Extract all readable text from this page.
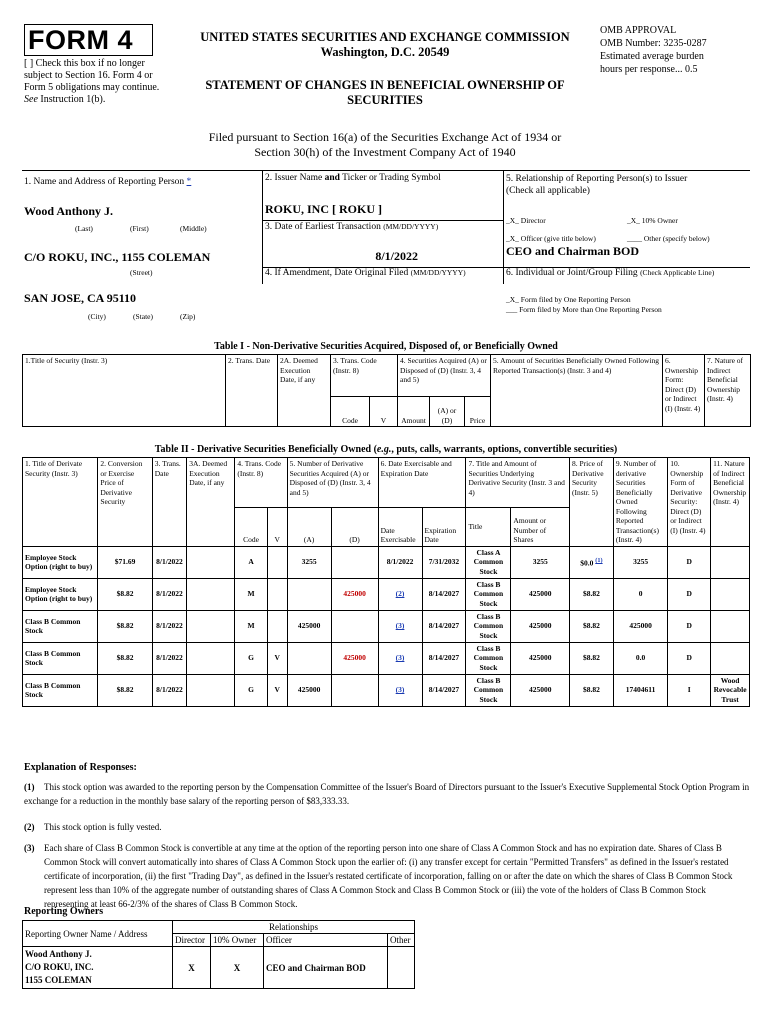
FORM 4
[ ] Check this box if no longer subject to Section 16. Form 4 or Form 5 obligations may continue. See Instruction 1(b).
UNITED STATES SECURITIES AND EXCHANGE COMMISSION
Washington, D.C. 20549
STATEMENT OF CHANGES IN BENEFICIAL OWNERSHIP OF SECURITIES
OMB APPROVAL
OMB Number: 3235-0287
Estimated average burden
hours per response... 0.5
Filed pursuant to Section 16(a) of the Securities Exchange Act of 1934 or
Section 30(h) of the Investment Company Act of 1940
1. Name and Address of Reporting Person *
Wood Anthony J.
(Last)	(First)	(Middle)
C/O ROKU, INC., 1155 COLEMAN
(Street)
SAN JOSE, CA 95110
(City)	(State)	(Zip)
2. Issuer Name and Ticker or Trading Symbol
ROKU, INC [ ROKU ]
3. Date of Earliest Transaction (MM/DD/YYYY)
8/1/2022
4. If Amendment, Date Original Filed (MM/DD/YYYY)
5. Relationship of Reporting Person(s) to Issuer
(Check all applicable)
_X_ Director	_X_ 10% Owner
_X_ Officer (give title below)	____ Other (specify below)
CEO and Chairman BOD
6. Individual or Joint/Group Filing (Check Applicable Line)
_X_ Form filed by One Reporting Person
___ Form filed by More than One Reporting Person
Table I - Non-Derivative Securities Acquired, Disposed of, or Beneficially Owned
1.Title of Security (Instr. 3)	2. Trans. Date	2A. Deemed Execution Date, if any	3. Trans. Code (Instr. 8)		4. Securities Acquired (A) or Disposed of (D) (Instr. 3, 4 and 5)			5. Amount of Securities Beneficially Owned Following Reported Transaction(s) (Instr. 3 and 4)	6. Ownership Form: Direct (D) or Indirect (I) (Instr. 4)	7. Nature of Indirect Beneficial Ownership (Instr. 4)
			Code	V	Amount	(A) or (D)	Price			
Table II - Derivative Securities Beneficially Owned (e.g., puts, calls, warrants, options, convertible securities)
1. Title of Derivate Security (Instr. 3)	2. Conversion or Exercise Price of Derivative Security	3. Trans. Date	3A. Deemed Execution Date, if any	4. Trans. Code (Instr. 8)		5. Number of Derivative Securities Acquired (A) or Disposed of (D) (Instr. 3, 4 and 5)		6. Date Exercisable and Expiration Date		7. Title and Amount of Securities Underlying Derivative Security (Instr. 3 and 4)		8. Price of Derivative Security (Instr. 5)	9. Number of derivative Securities Beneficially Owned Following Reported Transaction(s) (Instr. 4)	10. Ownership Form of Derivative Security: Direct (D) or Indirect (I) (Instr. 4)	11. Nature of Indirect Beneficial Ownership (Instr. 4)
				Code	V	(A)	(D)	Date Exercisable	Expiration Date	Title	Amount or Number of Shares				
Employee Stock Option (right to buy)	$71.69	8/1/2022		A		3255		8/1/2022	7/31/2032	Class A Common Stock	3255	$0.0 $^{(1)}$	3255	D	
Employee Stock Option (right to buy)	$8.82	8/1/2022		M			425000	(2)	8/14/2027	Class B Common Stock	425000	$8.82	0	D	
Class B Common Stock	$8.82	8/1/2022		M		425000		(3)	8/14/2027	Class B Common Stock	425000	$8.82	425000	D	
Class B Common Stock	$8.82	8/1/2022		G	V		425000	(3)	8/14/2027	Class B Common Stock	425000	$8.82	0.0	D	
Class B Common Stock	$8.82	8/1/2022		G	V	425000		(3)	8/14/2027	Class B Common Stock	425000	$8.82	17404611	I	Wood Revocable Trust
Explanation of Responses:
(1) This stock option was awarded to the reporting person by the Compensation Committee of the Issuer's Board of Directors pursuant to the Issuer's Executive Supplemental Stock Option Program in exchange for a reduction in the monthly base salary of the reporting person of $83,333.33.
(2) This stock option is fully vested.
(3) Each share of Class B Common Stock is convertible at any time at the option of the reporting person into one share of Class A Common Stock and has no expiration date. Shares of Class B Common Stock will convert automatically into shares of Class A Common Stock upon the earlier of: (i) any transfer except for certain "Permitted Transfers" as defined in the Issuer's restated certificate of incorporation, (ii) the first "Trading Day", as defined in the Issuer's restated certificate of incorporation, falling on or after the date on which the shares of Class B Common Stock represent less than 10% of the aggregate number of outstanding shares of Class A Common Stock and Class B Common Stock or (iii) the vote of the holders of Class B Common Stock representing at least 66-2/3% of the shares of Class B Common Stock.
Reporting Owners
Reporting Owner Name / Address	Relationships			
	Director	10% Owner	Officer	Other

Wood Anthony J.
C/O ROKU, INC.
1155 COLEMAN	X	X	CEO and Chairman BOD	
